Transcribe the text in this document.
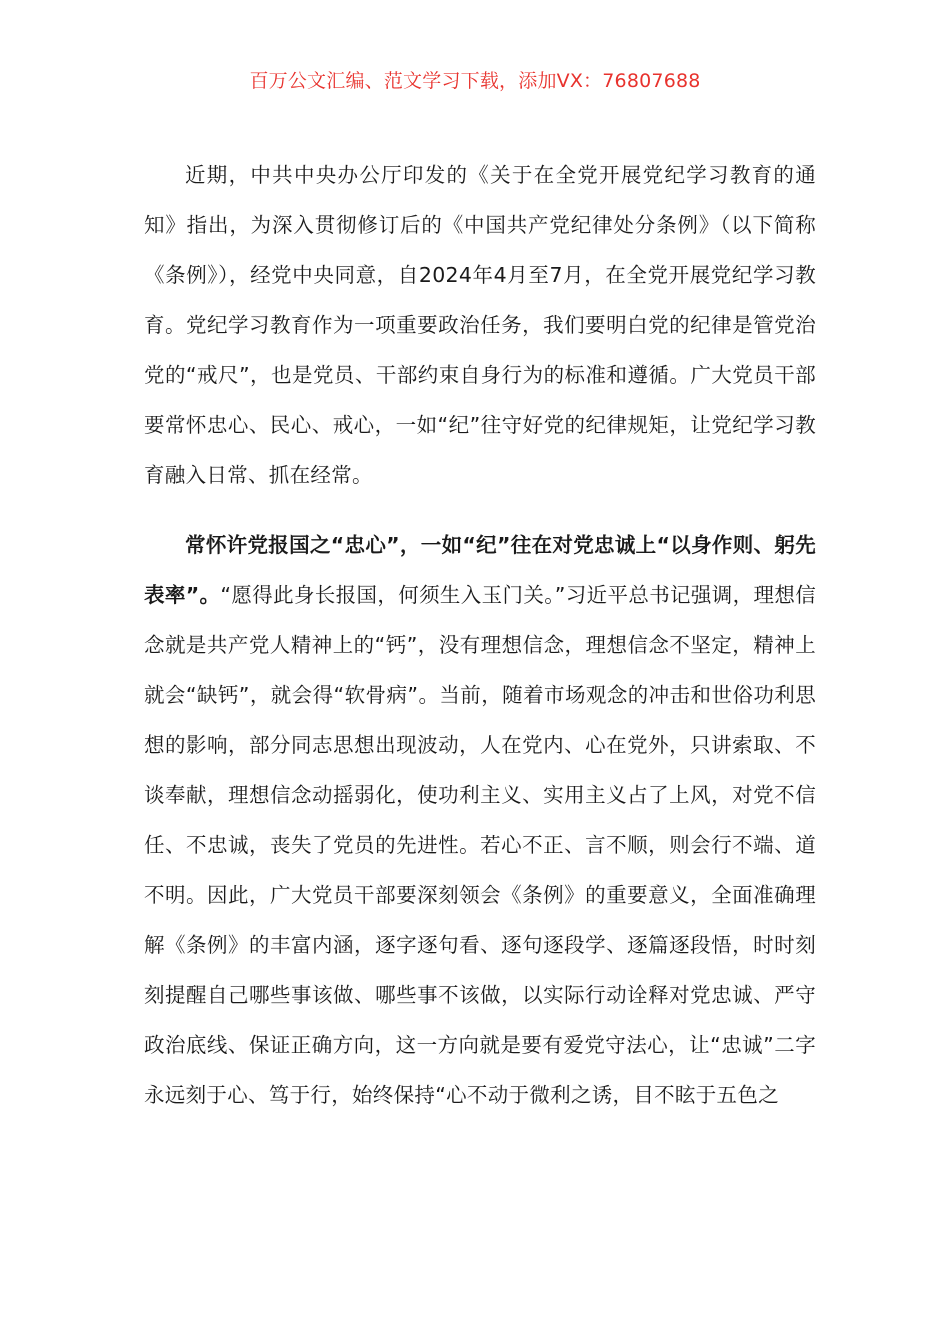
百万公文汇编、范文学习下载，添加VX：76807688

近期，中共中央办公厅印发的《关于在全党开展党纪学习教育的通知》指出，为深入贯彻修订后的《中国共产党纪律处分条例》（以下简称《条例》），经党中央同意，自2024年4月至7月，在全党开展党纪学习教育。党纪学习教育作为一项重要政治任务，我们要明白党的纪律是管党治党的“戒尺”，也是党员、干部约束自身行为的标准和遵循。广大党员干部要常怀忠心、民心、戒心，一如“纪”往守好党的纪律规矩，让党纪学习教育融入日常、抓在经常。

常怀许党报国之“忠心”，一如“纪”往在对党忠诚上“以身作则、躬先表率”。“愿得此身长报国，何须生入玉门关。”习近平总书记强调，理想信念就是共产党人精神上的“钙”，没有理想信念，理想信念不坚定，精神上就会“缺钙”，就会得“软骨病”。当前，随着市场观念的冲击和世俗功利思想的影响，部分同志思想出现波动，人在党内、心在党外，只讲索取、不谈奉献，理想信念动摇弱化，使功利主义、实用主义占了上风，对党不信任、不忠诚，丧失了党员的先进性。若心不正、言不顺，则会行不端、道不明。因此，广大党员干部要深刻领会《条例》的重要意义，全面准确理解《条例》的丰富内涵，逐字逐句看、逐句逐段学、逐篇逐段悟，时时刻刻提醒自己哪些事该做、哪些事不该做，以实际行动诠释对党忠诚、严守政治底线、保证正确方向，这一方向就是要有爱党守法心，让“忠诚”二字永远刻于心、笃于行，始终保持“心不动于微利之诱，目不眩于五色之
